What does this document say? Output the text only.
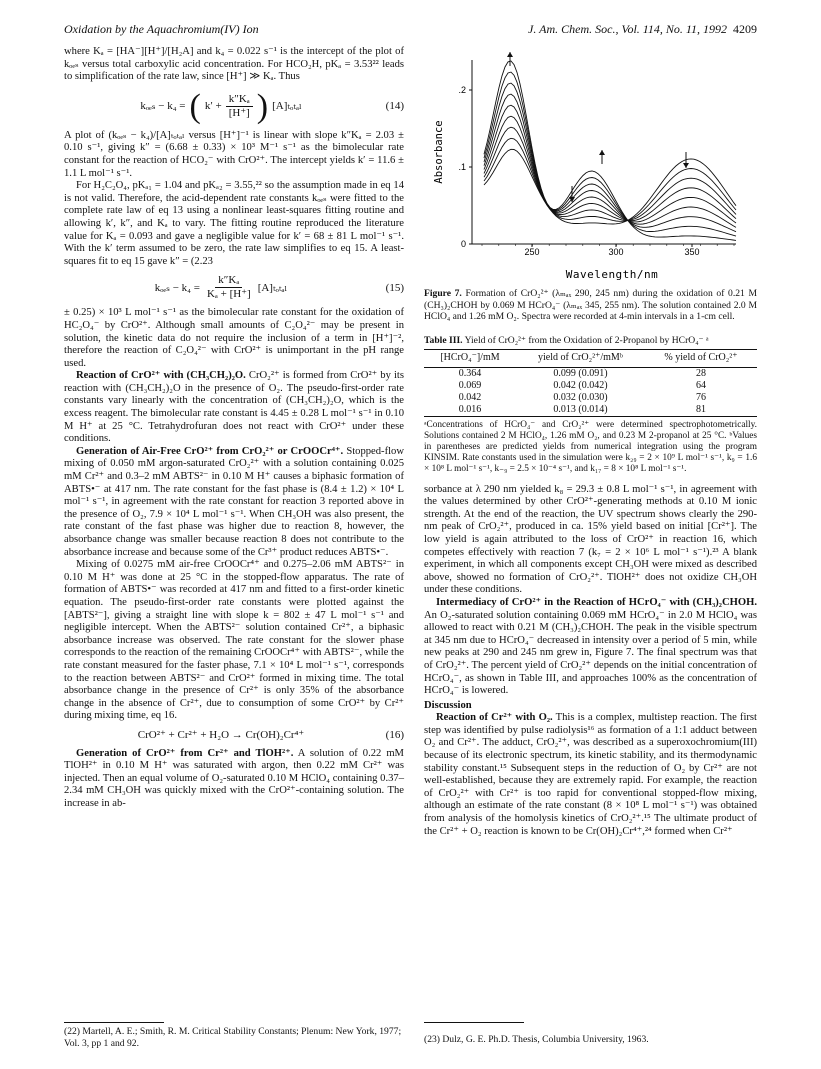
Oxidation by the Aquachromium(IV) Ion	J. Am. Chem. Soc., Vol. 114, No. 11, 1992 4209

where Kₐ = [HA⁻][H⁺]/[H₂A] and k₄ = 0.022 s⁻¹ is the intercept of the plot of kₒₑₛ versus total carboxylic acid concentration. For HCO₂H, pKₐ = 3.53²² leads to simplification of the rate law, since [H⁺] ≫ Kₐ. Thus

kₒₑₛ − k₄ = ( $k' + \frac{\text{k″Kₐ}}{[H^+]}$ ) [A]ₜₒₜₐₗ	(14)

A plot of (kₒₑₛ − k₄)/[A]ₜₒₜₐₗ versus [H⁺]⁻¹ is linear with slope k″Kₐ = 2.03 ± 0.10 s⁻¹, giving k″ = (6.68 ± 0.33) × 10³ M⁻¹ s⁻¹ as the bimolecular rate constant for the reaction of HCO₂⁻ with CrO²⁺. The intercept yields k′ = 11.6 ± 1.1 L mol⁻¹ s⁻¹.

For H₂C₂O₄, pKₐ₁ = 1.04 and pKₐ₂ = 3.55,²² so the assumption made in eq 14 is not valid. Therefore, the acid-dependent rate constants kₒₑₛ were fitted to the complete rate law of eq 13 using a nonlinear least-squares fitting routine and allowing k′, k″, and Kₐ to vary. The fitting routine reproduced the literature value for Kₐ = 0.093 and gave a negligible value for k′ = 68 ± 81 L mol⁻¹ s⁻¹. With the k′ term assumed to be zero, the rate law simplifies to eq 15. A least-squares fit to eq 15 gave k″ = (2.23

$k_{oes} - k_4 = \frac{\text{k″Kₐ}}{\text{Kₐ + [H⁺]}} [A]_{total}$	(15)

± 0.25) × 10³ L mol⁻¹ s⁻¹ as the bimolecular rate constant for the oxidation of HC₂O₄⁻ by CrO²⁺. Although small amounts of C₂O₄²⁻ may be present in solution, the kinetic data do not require the inclusion of a term in [H⁺]⁻², therefore the reaction of C₂O₄²⁻ with CrO²⁺ is unimportant in the pH range used.

Reaction of CrO²⁺ with (CH₃CH₂)₂O. CrO₂²⁺ is formed from CrO²⁺ by its reaction with (CH₃CH₂)₂O in the presence of O₂. The pseudo-first-order rate constants vary linearly with the concentration of (CH₃CH₂)₂O, which is the excess reagent. The bimolecular rate constant is 4.45 ± 0.28 L mol⁻¹ s⁻¹ in 0.10 M H⁺ at 25 °C. Tetrahydrofuran does not react with CrO²⁺ under these conditions.

Generation of Air-Free CrO²⁺ from CrO₂²⁺ or CrOOCr⁴⁺. Stopped-flow mixing of 0.050 mM argon-saturated CrO₂²⁺ with a solution containing 0.025 mM Cr²⁺ and 0.3–2 mM ABTS²⁻ in 0.10 M H⁺ causes a biphasic formation of ABTS•⁻ at 417 nm. The rate constant for the fast phase is (8.4 ± 1.2) × 10⁴ L mol⁻¹ s⁻¹, in agreement with the rate constant for reaction 3 reported above in the presence of O₂, 7.9 × 10⁴ L mol⁻¹ s⁻¹. When CH₃OH was also present, the rate constant of the fast phase was higher due to reaction 8, however, the absorbance change was smaller because reaction 8 does not contribute to the absorbance increase and because some of the Cr³⁺ product reduces ABTS•⁻.

Mixing of 0.0275 mM air-free CrOOCr⁴⁺ and 0.275–2.06 mM ABTS²⁻ in 0.10 M H⁺ was done at 25 °C in the stopped-flow apparatus. The rate of formation of ABTS•⁻ was recorded at 417 nm and fitted to a first-order kinetic equation. The pseudo-first-order rate constants were plotted against the [ABTS²⁻], giving a straight line with slope k = 802 ± 47 L mol⁻¹ s⁻¹ and negligible intercept. When the ABTS²⁻ solution contained Cr²⁺, a biphasic absorbance increase was observed. The rate constant for the slower phase corresponds to the reaction of the remaining CrOOCr⁴⁺ with ABTS²⁻, while the rate constant measured for the faster phase, 7.1 × 10⁴ L mol⁻¹ s⁻¹, corresponds to the reaction between ABTS²⁻ and CrO²⁺ formed in mixing time. The total absorbance change in the presence of Cr²⁺ is only 35% of the absorbance change in the absence of Cr²⁺, due to consumption of some CrO²⁺ by Cr²⁺ during mixing time, eq 16.

CrO²⁺ + Cr²⁺ + H₂O → Cr(OH)₂Cr⁴⁺	(16)

Generation of CrO²⁺ from Cr²⁺ and TlOH²⁺. A solution of 0.22 mM TlOH²⁺ in 0.10 M H⁺ was saturated with argon, then 0.22 mM Cr²⁺ was injected. Then an equal volume of O₂-saturated 0.10 M HClO₄ containing 0.37–2.34 mM CH₃OH was quickly mixed with the CrO²⁺-containing solution. The increase in ab-

0
.1
.2
250	300	350
Absorbance
Wavelength/nm
Figure 7. Formation of CrO₂²⁺ (λₘₐₓ 290, 245 nm) during the oxidation of 0.21 M (CH₃)₂CHOH by 0.069 M HCrO₄⁻ (λₘₐₓ 345, 255 nm). The solution contained 2.0 M HClO₄ and 1.26 mM O₂. Spectra were recorded at 4-min intervals in a 1-cm cell.
Table III. Yield of CrO₂²⁺ from the Oxidation of 2-Propanol by HCrO₄⁻ ᵃ
[HCrO₄⁻]/mM	yield of CrO₂²⁺/mMᵇ	% yield of CrO₂²⁺
0.364	0.099 (0.091)	28
0.069	0.042 (0.042)	64
0.042	0.032 (0.030)	76
0.016	0.013 (0.014)	81
ᵃConcentrations of HCrO₄⁻ and CrO₂²⁺ were determined spectrophotometrically. Solutions contained 2 M HClO₄, 1.26 mM O₂, and 0.23 M 2-propanol at 25 °C. ᵇValues in parentheses are predicted yields from numerical integration using the program KINSIM. Rate constants used in the simulation were k₂₉ = 2 × 10⁹ L mol⁻¹ s⁻¹, k₉ = 1.6 × 10⁸ L mol⁻¹ s⁻¹, k₋₉ = 2.5 × 10⁻⁴ s⁻¹, and k₁₇ = 8 × 10⁸ L mol⁻¹ s⁻¹.

sorbance at λ 290 nm yielded k₈ = 29.3 ± 0.8 L mol⁻¹ s⁻¹, in agreement with the values determined by other CrO²⁺-generating methods at 0.10 M ionic strength. At the end of the reaction, the UV spectrum shows clearly the 290-nm peak of CrO₂²⁺, produced in ca. 15% yield based on initial [Cr²⁺]. The low yield is again attributed to the loss of CrO²⁺ in reaction 16, which competes effectively with reaction 7 (k₇ = 2 × 10⁶ L mol⁻¹ s⁻¹).²³ A blank experiment, in which all components except CH₃OH were mixed as described above, showed no formation of CrO₂²⁺. TlOH²⁺ does not oxidize CH₃OH under these conditions.

Intermediacy of CrO²⁺ in the Reaction of HCrO₄⁻ with (CH₃)₂CHOH. An O₂-saturated solution containing 0.069 mM HCrO₄⁻ in 2.0 M HClO₄ was allowed to react with 0.21 M (CH₃)₂CHOH. The peak in the visible spectrum at 345 nm due to HCrO₄⁻ decreased in intensity over a period of 5 min, while new peaks at 290 and 245 nm grew in, Figure 7. The final spectrum was that of CrO₂²⁺. The percent yield of CrO₂²⁺ depends on the initial concentration of HCrO₄⁻, as shown in Table III, and approaches 100% as the concentration of HCrO₄⁻ is lowered.

Discussion

Reaction of Cr²⁺ with O₂. This is a complex, multistep reaction. The first step was identified by pulse radiolysis¹⁶ as formation of a 1:1 adduct between O₂ and Cr²⁺. The adduct, CrO₂²⁺, was described as a superoxochromium(III) because of its electronic spectrum, its kinetic stability, and its thermodynamic stability constant.¹⁵ Subsequent steps in the reduction of O₂ by Cr²⁺ are not well-established, because they are extremely rapid. For example, the reaction of CrO₂²⁺ with Cr²⁺ is too rapid for conventional stopped-flow mixing, although an estimate of the rate constant (8 × 10⁸ L mol⁻¹ s⁻¹) was obtained from analysis of the homolysis kinetics of CrO₂²⁺.¹⁵ The ultimate product of the Cr²⁺ + O₂ reaction is known to be Cr(OH)₂Cr⁴⁺,²⁴ formed when Cr²⁺

(22) Martell, A. E.; Smith, R. M. Critical Stability Constants; Plenum: New York, 1977; Vol. 3, pp 1 and 92.	(23) Dulz, G. E. Ph.D. Thesis, Columbia University, 1963.
